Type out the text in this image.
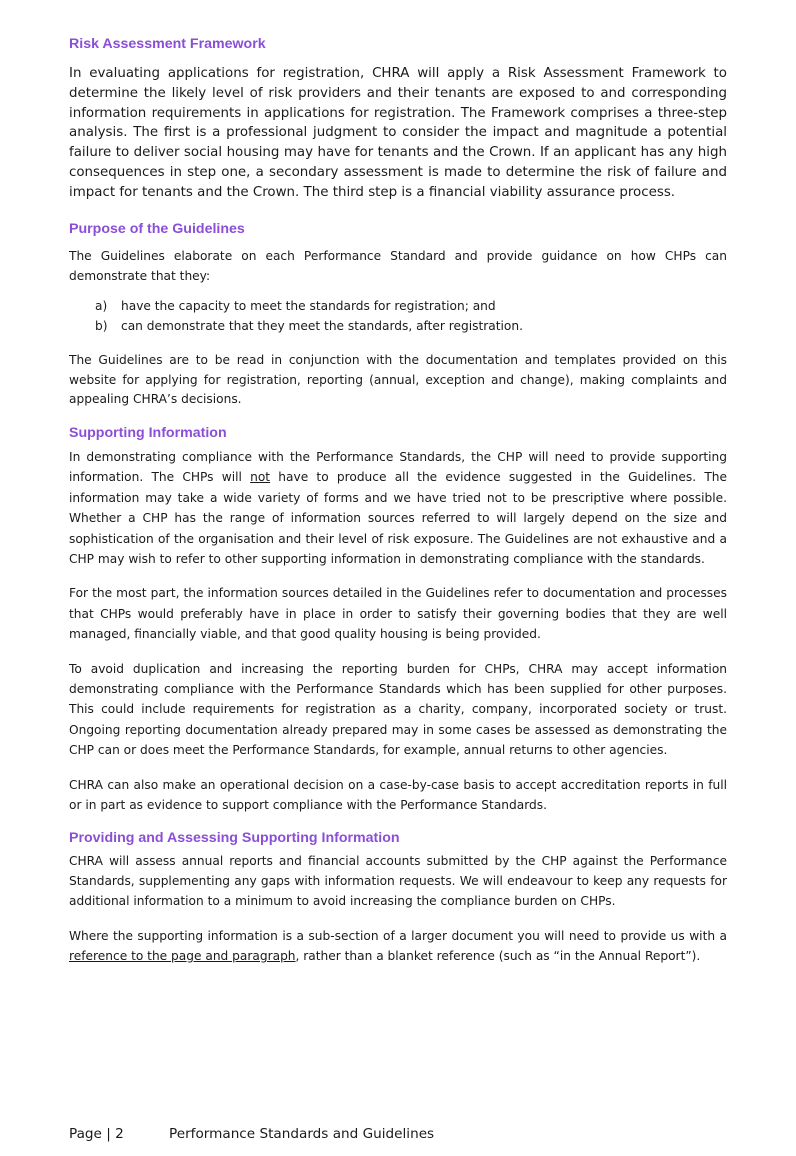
Risk Assessment Framework

In evaluating applications for registration, CHRA will apply a Risk Assessment Framework to determine the likely level of risk providers and their tenants are exposed to and corresponding information requirements in applications for registration. The Framework comprises a three-step analysis. The first is a professional judgment to consider the impact and magnitude a potential failure to deliver social housing may have for tenants and the Crown. If an applicant has any high consequences in step one, a secondary assessment is made to determine the risk of failure and impact for tenants and the Crown. The third step is a financial viability assurance process.

Purpose of the Guidelines

The Guidelines elaborate on each Performance Standard and provide guidance on how CHPs can demonstrate that they:

a) have the capacity to meet the standards for registration; and
b) can demonstrate that they meet the standards, after registration.

The Guidelines are to be read in conjunction with the documentation and templates provided on this website for applying for registration, reporting (annual, exception and change), making complaints and appealing CHRA’s decisions.

Supporting Information

In demonstrating compliance with the Performance Standards, the CHP will need to provide supporting information. The CHPs will not have to produce all the evidence suggested in the Guidelines. The information may take a wide variety of forms and we have tried not to be prescriptive where possible. Whether a CHP has the range of information sources referred to will largely depend on the size and sophistication of the organisation and their level of risk exposure. The Guidelines are not exhaustive and a CHP may wish to refer to other supporting information in demonstrating compliance with the standards.

For the most part, the information sources detailed in the Guidelines refer to documentation and processes that CHPs would preferably have in place in order to satisfy their governing bodies that they are well managed, financially viable, and that good quality housing is being provided.

To avoid duplication and increasing the reporting burden for CHPs, CHRA may accept information demonstrating compliance with the Performance Standards which has been supplied for other purposes. This could include requirements for registration as a charity, company, incorporated society or trust. Ongoing reporting documentation already prepared may in some cases be assessed as demonstrating the CHP can or does meet the Performance Standards, for example, annual returns to other agencies.

CHRA can also make an operational decision on a case-by-case basis to accept accreditation reports in full or in part as evidence to support compliance with the Performance Standards.

Providing and Assessing Supporting Information

CHRA will assess annual reports and financial accounts submitted by the CHP against the Performance Standards, supplementing any gaps with information requests. We will endeavour to keep any requests for additional information to a minimum to avoid increasing the compliance burden on CHPs.

Where the supporting information is a sub-section of a larger document you will need to provide us with a reference to the page and paragraph, rather than a blanket reference (such as “in the Annual Report”).

Page | 2	Performance Standards and Guidelines
